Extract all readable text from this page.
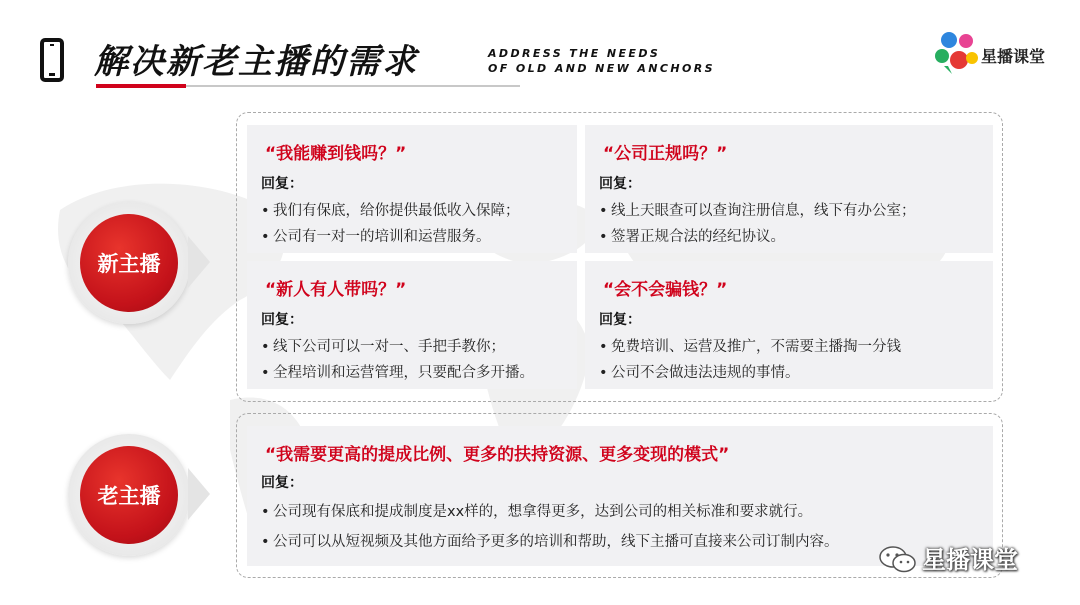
解决新老主播的需求	ADDRESS THE NEEDS
OF OLD AND NEW ANCHORS
星播课堂
新主播
“我能赚到钱吗？”
回复：
• 我们有保底，给你提供最低收入保障；
• 公司有一对一的培训和运营服务。
“公司正规吗？”
回复：
• 线上天眼查可以查询注册信息，线下有办公室；
• 签署正规合法的经纪协议。
“新人有人带吗？”
回复：
• 线下公司可以一对一、手把手教你；
• 全程培训和运营管理，只要配合多开播。
“会不会骗钱？”
回复：
• 免费培训、运营及推广，不需要主播掏一分钱
• 公司不会做违法违规的事情。
老主播
“我需要更高的提成比例、更多的扶持资源、更多变现的模式”
回复：
• 公司现有保底和提成制度是xx样的，想拿得更多，达到公司的相关标准和要求就行。
• 公司可以从短视频及其他方面给予更多的培训和帮助，线下主播可直接来公司订制内容。
星播课堂
